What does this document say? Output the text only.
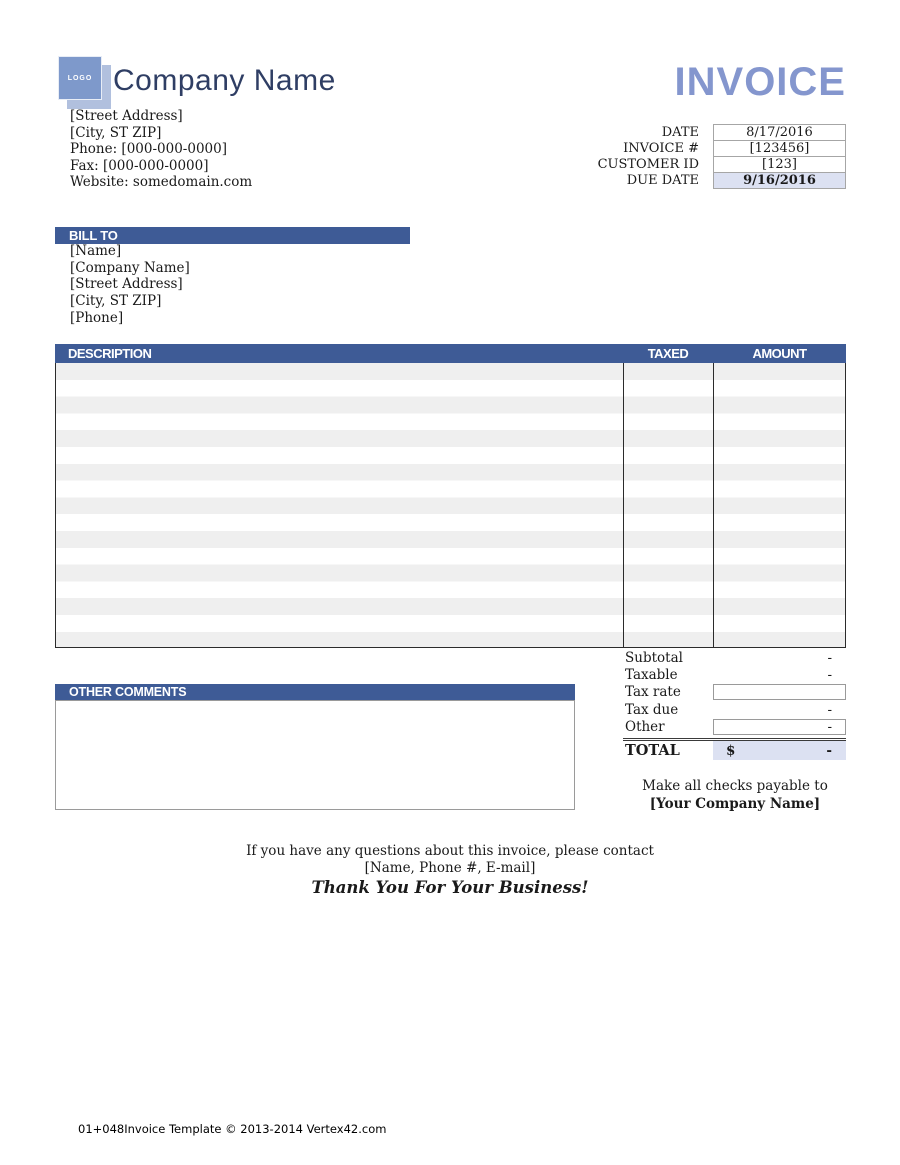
LOGO Company Name
[Street Address]
[City, ST ZIP]
Phone: [000-000-0000]
Fax: [000-000-0000]
Website: somedomain.com
INVOICE
DATE	8/17/2016
INVOICE #	[123456]
CUSTOMER ID	[123]
DUE DATE	9/16/2016
BILL TO
[Name]
[Company Name]
[Street Address]
[City, ST ZIP]
[Phone]
DESCRIPTION	TAXED	AMOUNT
Subtotal	-
Taxable	-
Tax rate
Tax due	-
Other	-
TOTAL	$	-
OTHER COMMENTS
Make all checks payable to
[Your Company Name]
If you have any questions about this invoice, please contact
[Name, Phone #, E-mail]
Thank You For Your Business!
01+048Invoice Template © 2013-2014 Vertex42.com
